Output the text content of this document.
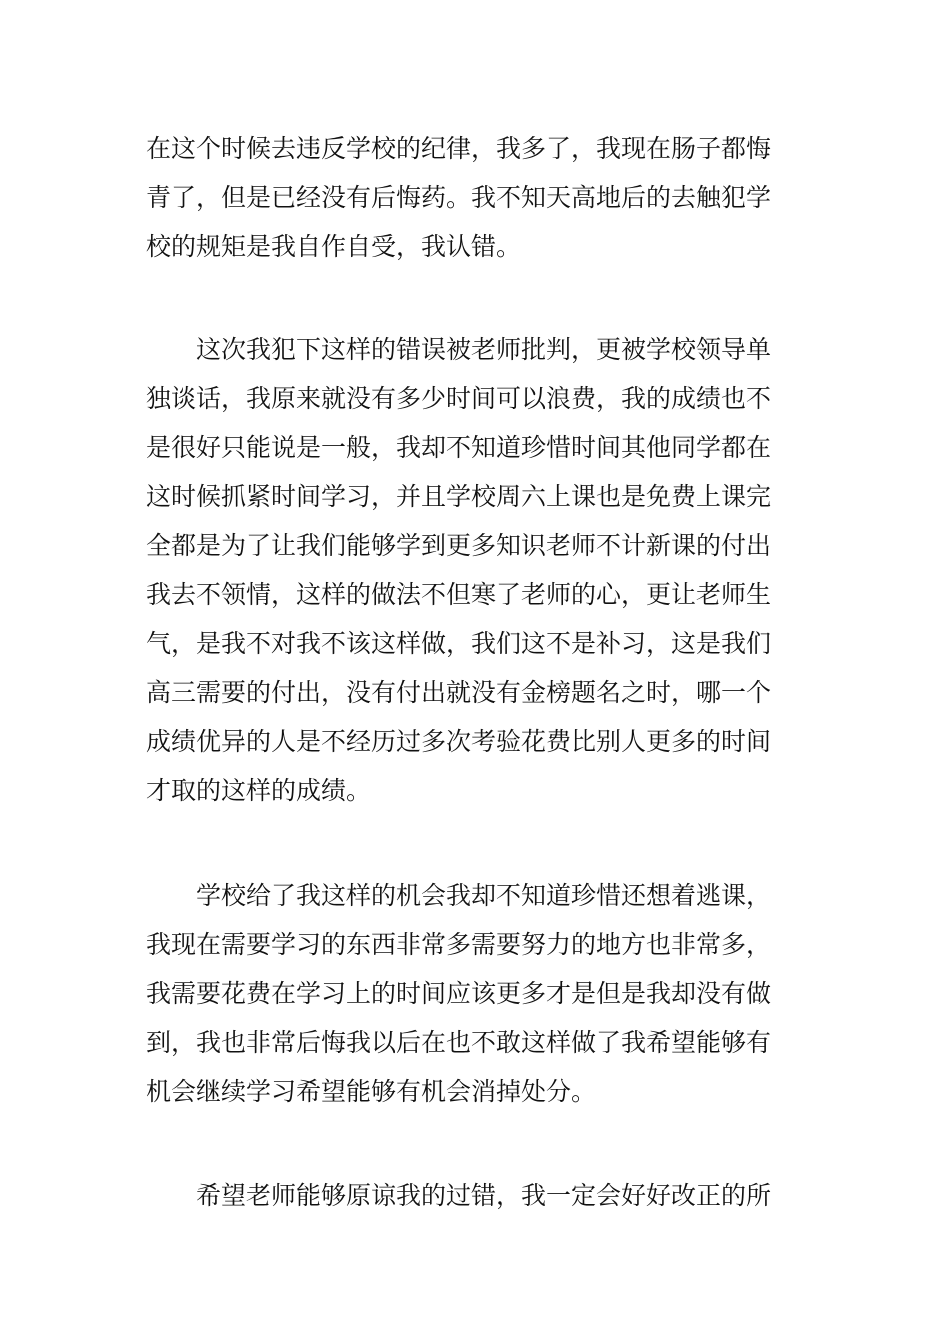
在这个时候去违反学校的纪律，我多了，我现在肠子都悔
青了，但是已经没有后悔药。我不知天高地后的去触犯学
校的规矩是我自作自受，我认错。
　　这次我犯下这样的错误被老师批判，更被学校领导单
独谈话，我原来就没有多少时间可以浪费，我的成绩也不
是很好只能说是一般，我却不知道珍惜时间其他同学都在
这时候抓紧时间学习，并且学校周六上课也是免费上课完
全都是为了让我们能够学到更多知识老师不计新课的付出
我去不领情，这样的做法不但寒了老师的心，更让老师生
气，是我不对我不该这样做，我们这不是补习，这是我们
高三需要的付出，没有付出就没有金榜题名之时，哪一个
成绩优异的人是不经历过多次考验花费比别人更多的时间
才取的这样的成绩。
　　学校给了我这样的机会我却不知道珍惜还想着逃课，
我现在需要学习的东西非常多需要努力的地方也非常多，
我需要花费在学习上的时间应该更多才是但是我却没有做
到，我也非常后悔我以后在也不敢这样做了我希望能够有
机会继续学习希望能够有机会消掉处分。
　　希望老师能够原谅我的过错，我一定会好好改正的所
